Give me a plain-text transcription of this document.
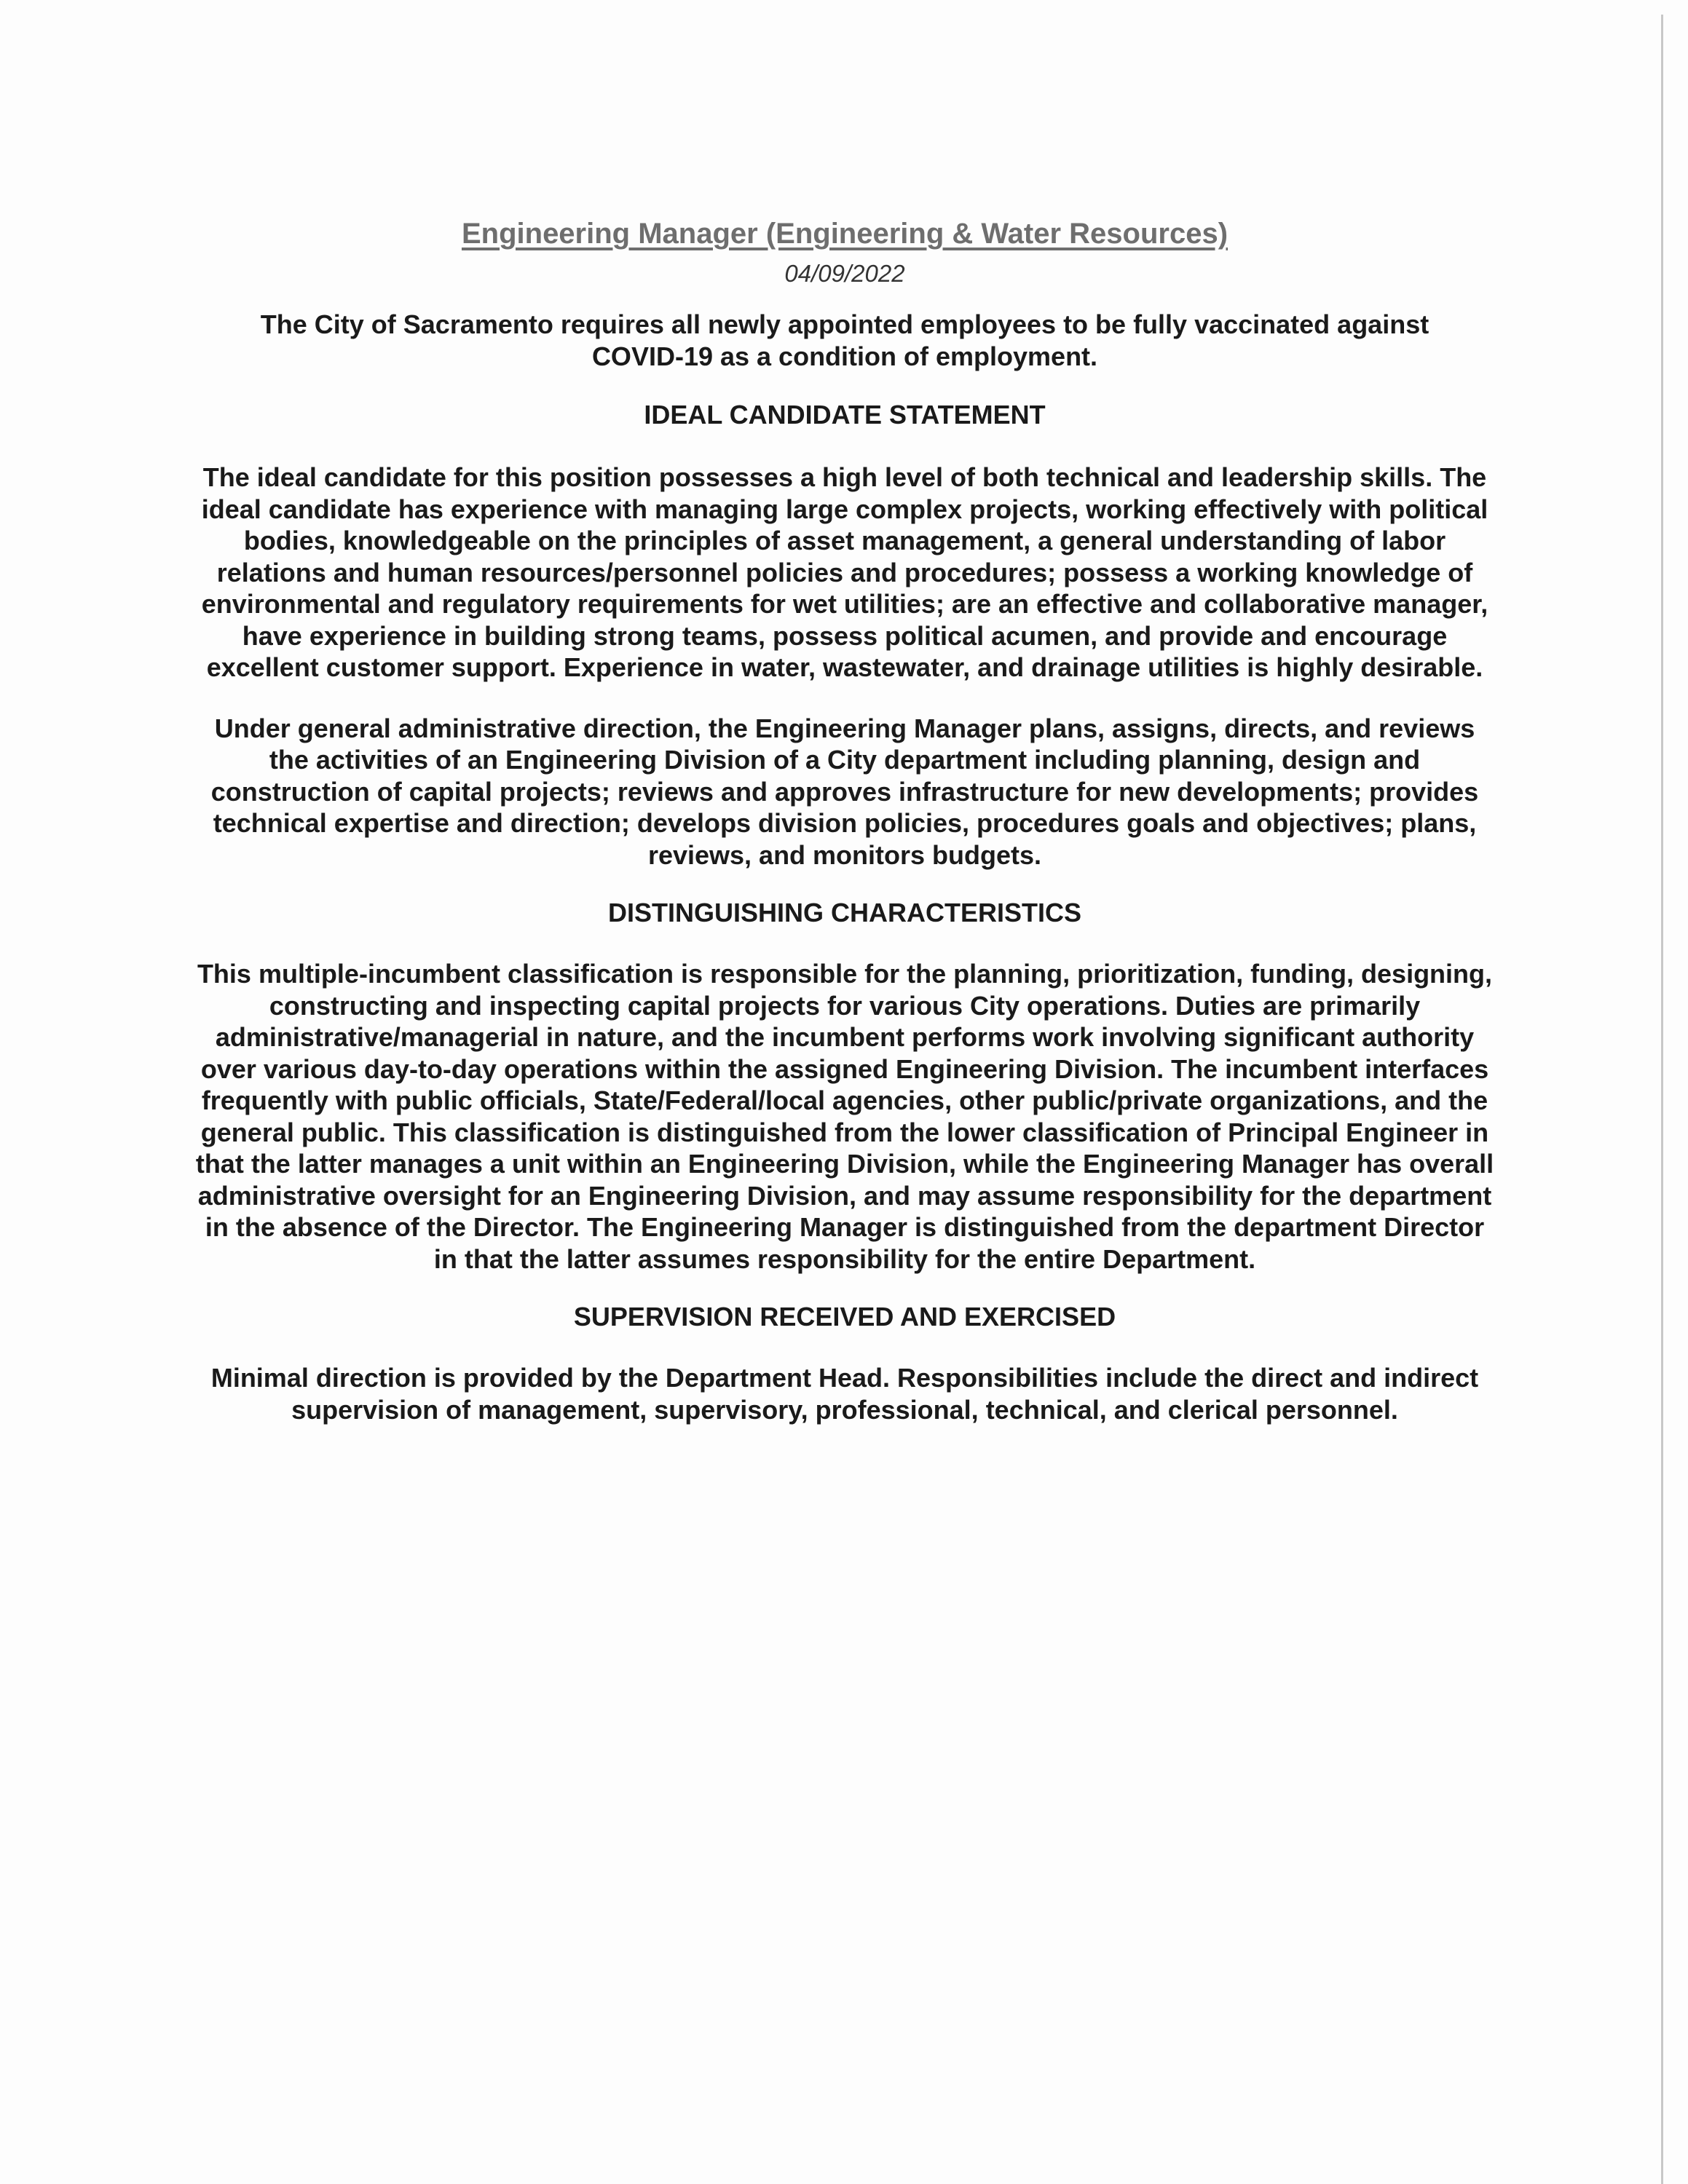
Engineering Manager (Engineering & Water Resources)

04/09/2022

The City of Sacramento requires all newly appointed employees to be fully vaccinated against COVID-19 as a condition of employment.

IDEAL CANDIDATE STATEMENT

The ideal candidate for this position possesses a high level of both technical and leadership skills. The ideal candidate has experience with managing large complex projects, working effectively with political bodies, knowledgeable on the principles of asset management, a general understanding of labor relations and human resources/personnel policies and procedures; possess a working knowledge of environmental and regulatory requirements for wet utilities; are an effective and collaborative manager, have experience in building strong teams, possess political acumen, and provide and encourage excellent customer support. Experience in water, wastewater, and drainage utilities is highly desirable.

Under general administrative direction, the Engineering Manager plans, assigns, directs, and reviews the activities of an Engineering Division of a City department including planning, design and construction of capital projects; reviews and approves infrastructure for new developments; provides technical expertise and direction; develops division policies, procedures goals and objectives; plans, reviews, and monitors budgets.

DISTINGUISHING CHARACTERISTICS

This multiple-incumbent classification is responsible for the planning, prioritization, funding, designing, constructing and inspecting capital projects for various City operations. Duties are primarily administrative/managerial in nature, and the incumbent performs work involving significant authority over various day-to-day operations within the assigned Engineering Division. The incumbent interfaces frequently with public officials, State/Federal/local agencies, other public/private organizations, and the general public. This classification is distinguished from the lower classification of Principal Engineer in that the latter manages a unit within an Engineering Division, while the Engineering Manager has overall administrative oversight for an Engineering Division, and may assume responsibility for the department in the absence of the Director. The Engineering Manager is distinguished from the department Director in that the latter assumes responsibility for the entire Department.

SUPERVISION RECEIVED AND EXERCISED

Minimal direction is provided by the Department Head. Responsibilities include the direct and indirect supervision of management, supervisory, professional, technical, and clerical personnel.
